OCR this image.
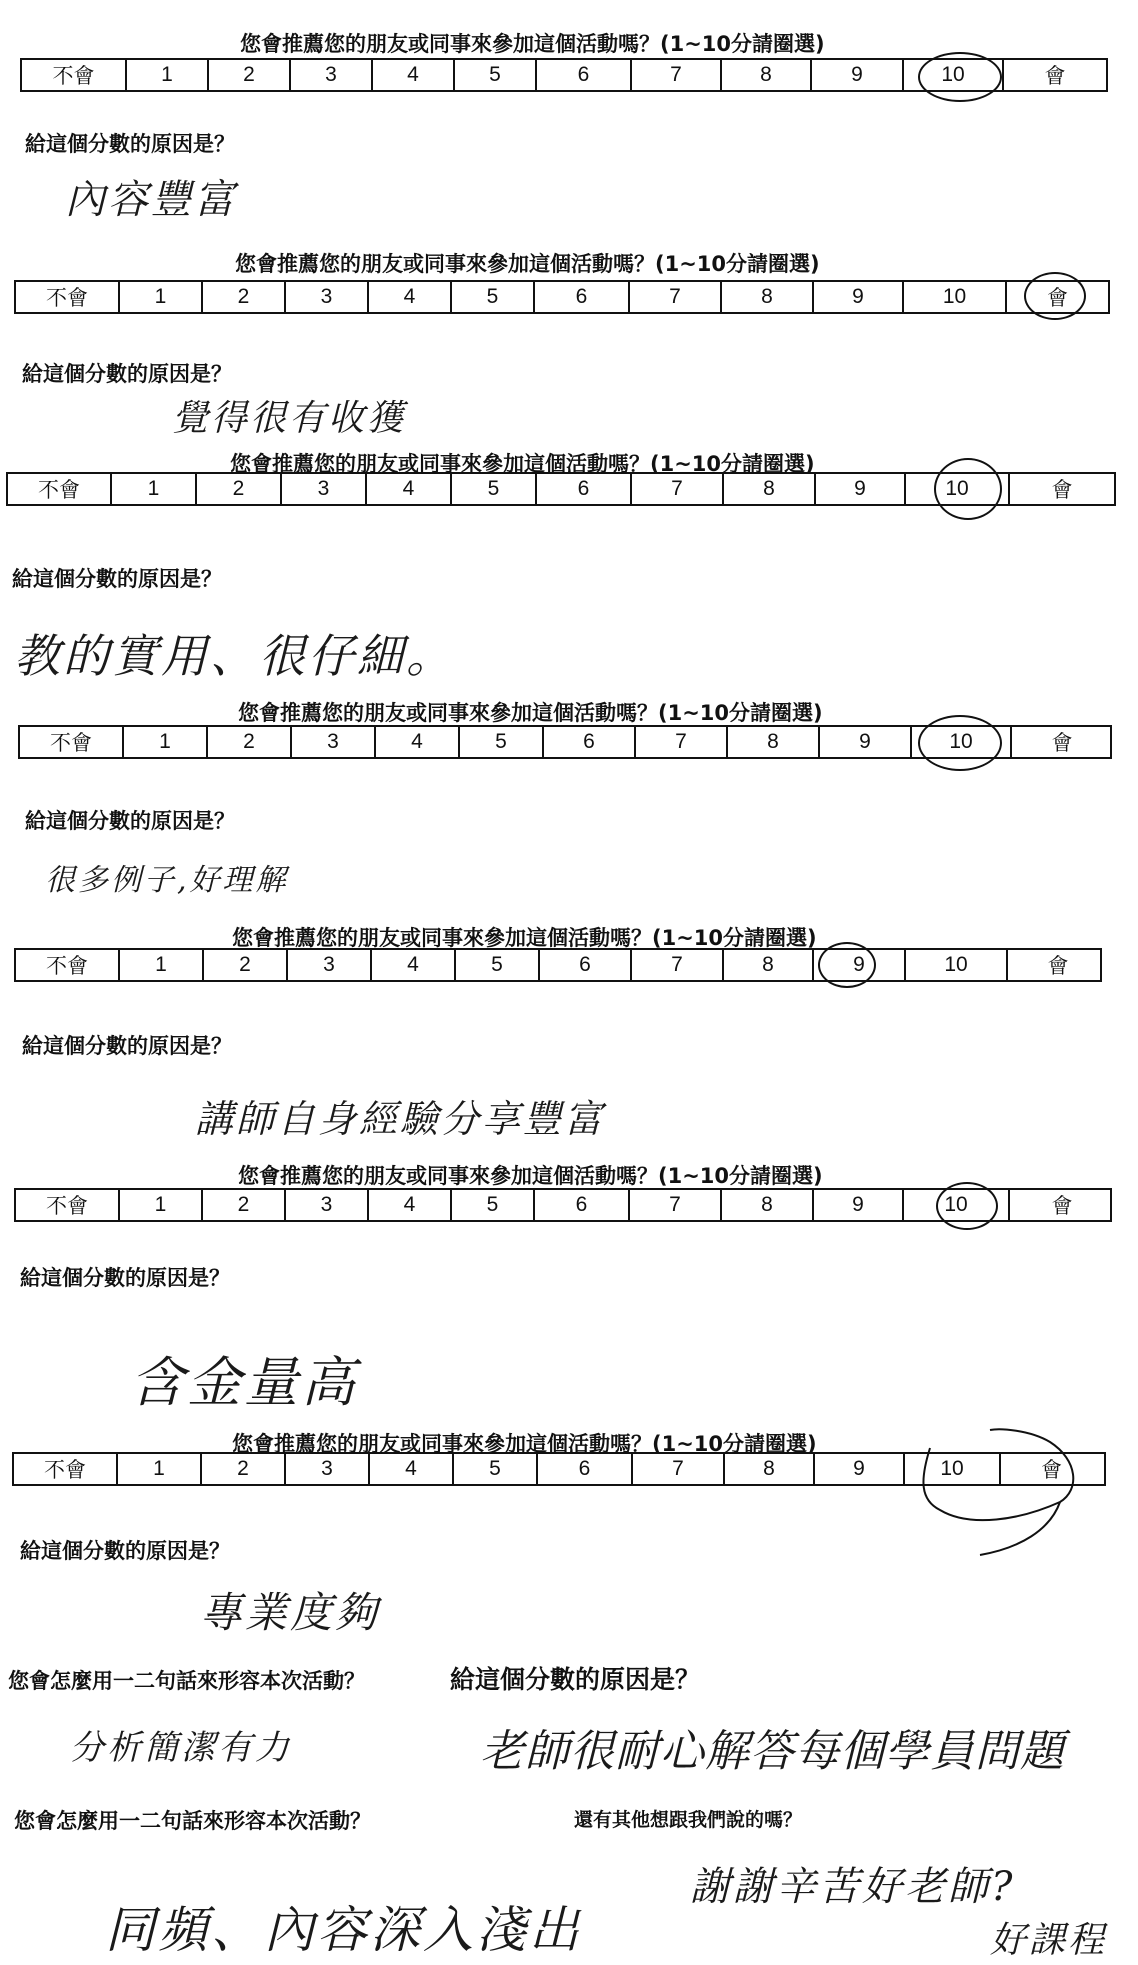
您會推薦您的朋友或同事來參加這個活動嗎？(1~10分請圈選)
不會	1	2	3	4	5	6	7	8	9	10	會
給這個分數的原因是？
內容豐富
您會推薦您的朋友或同事來參加這個活動嗎？(1~10分請圈選)
不會	1	2	3	4	5	6	7	8	9	10	會
給這個分數的原因是？
覺得很有收獲
您會推薦您的朋友或同事來參加這個活動嗎？(1~10分請圈選)
不會	1	2	3	4	5	6	7	8	9	10	會
給這個分數的原因是？
教的實用、很仔細。
您會推薦您的朋友或同事來參加這個活動嗎？(1~10分請圈選)
不會	1	2	3	4	5	6	7	8	9	10	會
給這個分數的原因是？
很多例子,好理解
您會推薦您的朋友或同事來參加這個活動嗎？(1~10分請圈選)
不會	1	2	3	4	5	6	7	8	9	10	會
給這個分數的原因是？
講師自身經驗分享豐富
您會推薦您的朋友或同事來參加這個活動嗎？(1~10分請圈選)
不會	1	2	3	4	5	6	7	8	9	10	會
給這個分數的原因是？
含金量高
您會推薦您的朋友或同事來參加這個活動嗎？(1~10分請圈選)
不會	1	2	3	4	5	6	7	8	9	10	會
給這個分數的原因是？
專業度夠
您會怎麼用一二句話來形容本次活動？	給這個分數的原因是？
分析簡潔有力	老師很耐心解答每個學員問題
您會怎麼用一二句話來形容本次活動？	還有其他想跟我們說的嗎？
同頻、內容深入淺出
謝謝辛苦好老師?
好課程
